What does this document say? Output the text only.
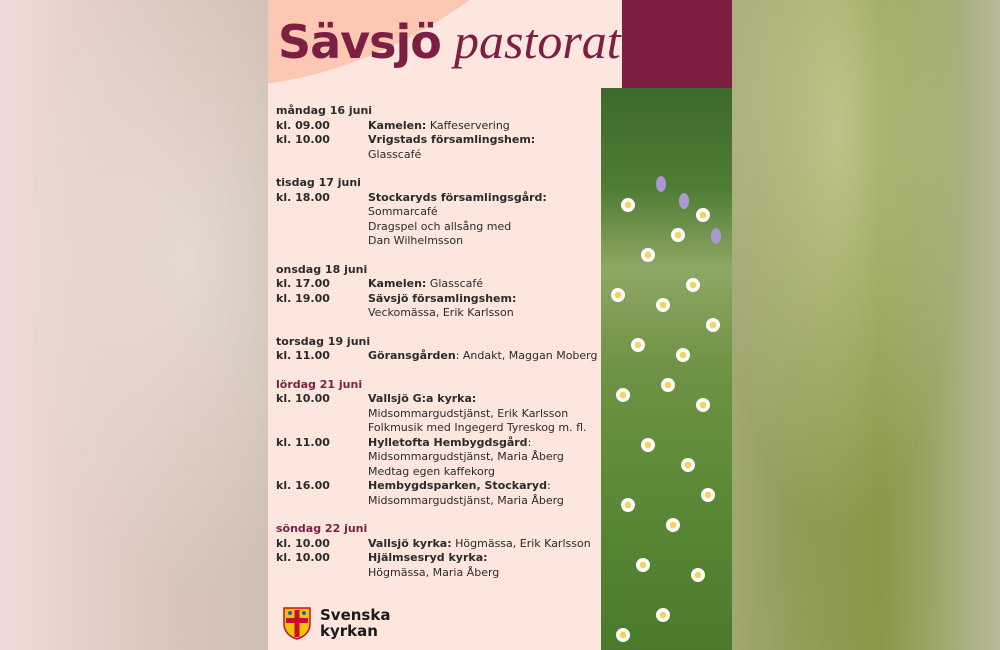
Sävsjö pastorat
måndag 16 juni
kl. 09.00	Kamelen: Kaffeservering
kl. 10.00	Vrigstads församlingshem:
Glasscafé
tisdag 17 juni
kl. 18.00	Stockaryds församlingsgård:
Sommarcafé
Dragspel och allsång med
Dan Wilhelmsson
onsdag 18 juni
kl. 17.00	Kamelen: Glasscafé
kl. 19.00	Sävsjö församlingshem:
Veckomässa, Erik Karlsson
torsdag 19 juni
kl. 11.00	Göransgården: Andakt, Maggan Moberg
lördag 21 juni
kl. 10.00	Vallsjö G:a kyrka:
Midsommargudstjänst, Erik Karlsson
Folkmusik med Ingegerd Tyreskog m. fl.
kl. 11.00	Hylletofta Hembygdsgård:
Midsommargudstjänst, Maria Åberg
Medtag egen kaffekorg
kl. 16.00	Hembygdsparken, Stockaryd:
Midsommargudstjänst, Maria Åberg
söndag 22 juni
kl. 10.00	Vallsjö kyrka: Högmässa, Erik Karlsson
kl. 10.00	Hjälmsesryd kyrka:
Högmässa, Maria Åberg
Svenska
kyrkan
